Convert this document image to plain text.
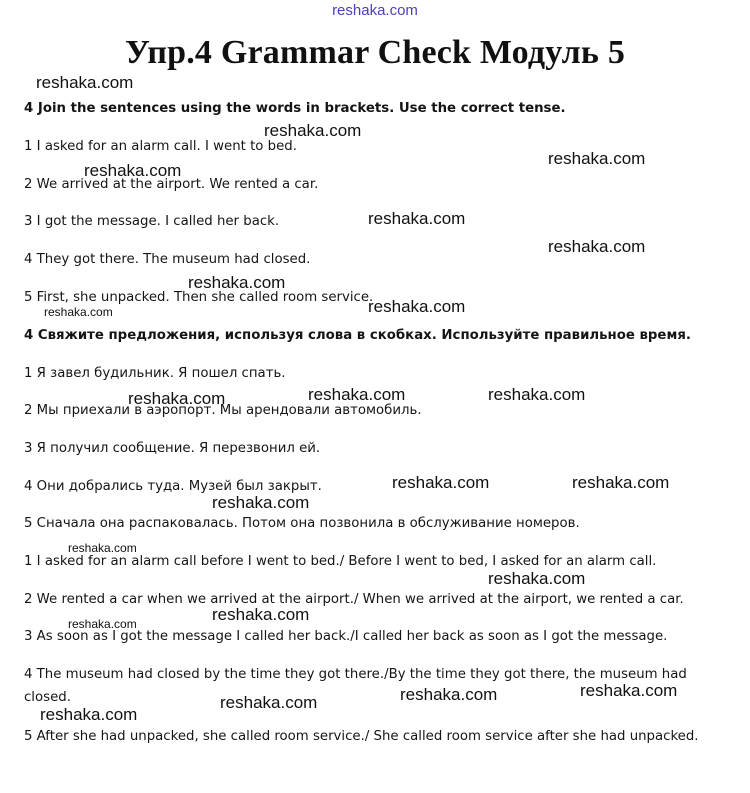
reshaka.com
Упр.4 Grammar Check Модуль 5
4 Join the sentences using the words in brackets. Use the correct tense.
1 I asked for an alarm call. I went to bed.
2 We arrived at the airport. We rented a car.
3 I got the message. I called her back.
4 They got there. The museum had closed.
5 First, she unpacked. Then she called room service.
4 Свяжите предложения, используя слова в скобках. Используйте правильное время.
1 Я завел будильник. Я пошел спать.
2 Мы приехали в аэропорт. Мы арендовали автомобиль.
3 Я получил сообщение. Я перезвонил ей.
4 Они добрались туда. Музей был закрыт.
5 Сначала она распаковалась. Потом она позвонила в обслуживание номеров.
1 I asked for an alarm call before I went to bed./ Before I went to bed, I asked for an alarm call.
2 We rented a car when we arrived at the airport./ When we arrived at the airport, we rented a car.
3 As soon as I got the message I called her back./I called her back as soon as I got the message.
4 The museum had closed by the time they got there./By the time they got there, the museum had
closed.
5 After she had unpacked, she called room service./ She called room service after she had unpacked.
reshaka.com
reshaka.com
reshaka.com
reshaka.com
reshaka.com
reshaka.com
reshaka.com
reshaka.com
reshaka.com
reshaka.com	reshaka.com
reshaka.com
reshaka.com	reshaka.com
reshaka.com
reshaka.com
reshaka.com
reshaka.com
reshaka.com
reshaka.com
reshaka.com
reshaka.com
reshaka.com
